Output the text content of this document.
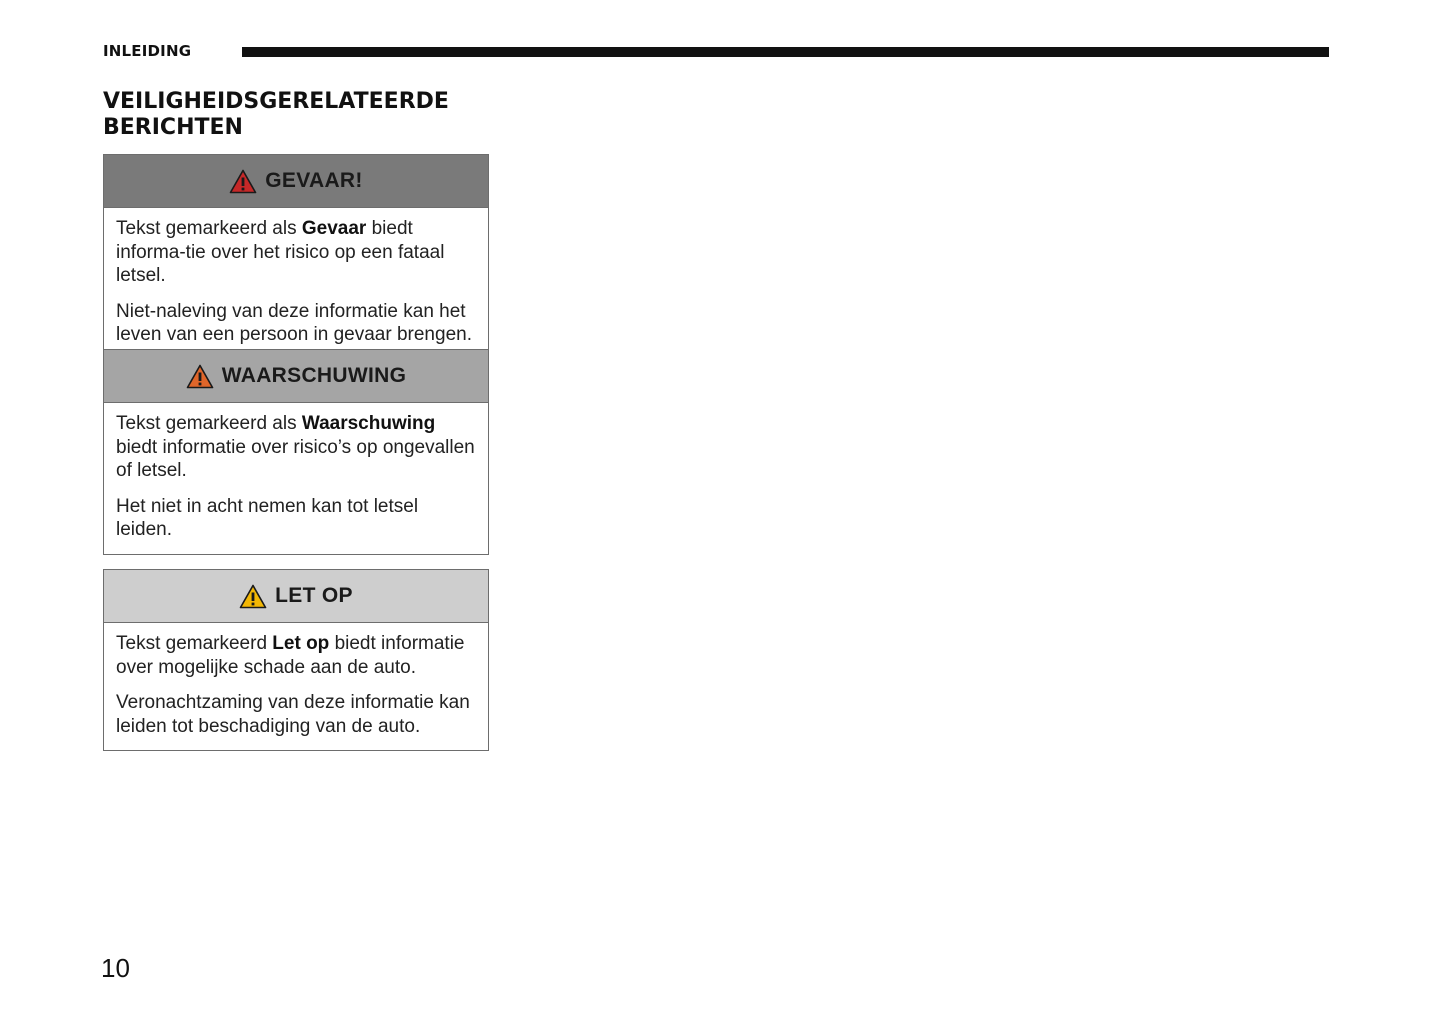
INLEIDING
VEILIGHEIDSGERELATEERDE
BERICHTEN
GEVAAR!

Tekst gemarkeerd als Gevaar biedt informa-tie over het risico op een fataal letsel.

Niet-naleving van deze informatie kan het leven van een persoon in gevaar brengen.

WAARSCHUWING

Tekst gemarkeerd als Waarschuwing biedt informatie over risico’s op ongevallen of letsel.

Het niet in acht nemen kan tot letsel leiden.

LET OP

Tekst gemarkeerd Let op biedt informatie over mogelijke schade aan de auto.

Veronachtzaming van deze informatie kan leiden tot beschadiging van de auto.

10
